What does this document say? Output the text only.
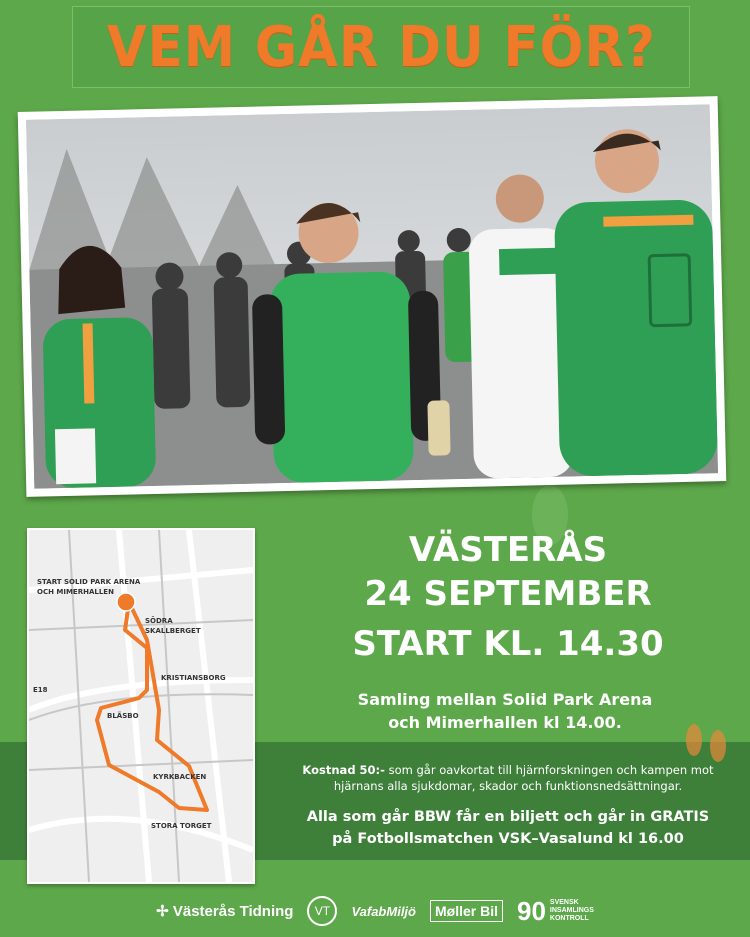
VEM GÅR DU FÖR?
START SOLID PARK ARENA
OCH MIMERHALLEN
SÖDRA
SKALLBERGET
KRISTIANSBORG
E18
BLÄSBO
KYRKBACKEN
STORA TORGET
VÄSTERÅS
24 SEPTEMBER
START KL. 14.30
Samling mellan Solid Park Arena
och Mimerhallen kl 14.00.
Kostnad 50:- som går oavkortat till hjärnforskningen och kampen mot
hjärnans alla sjukdomar, skador och funktionsnedsättningar.
Alla som går BBW får en biljett och går in GRATIS
på Fotbollsmatchen VSK–Vasalund kl 16.00
✢ Västerås Tidning	VT	VafabMiljö	Møller Bil 90 SVENSK
INSAMLINGS
KONTROLL
